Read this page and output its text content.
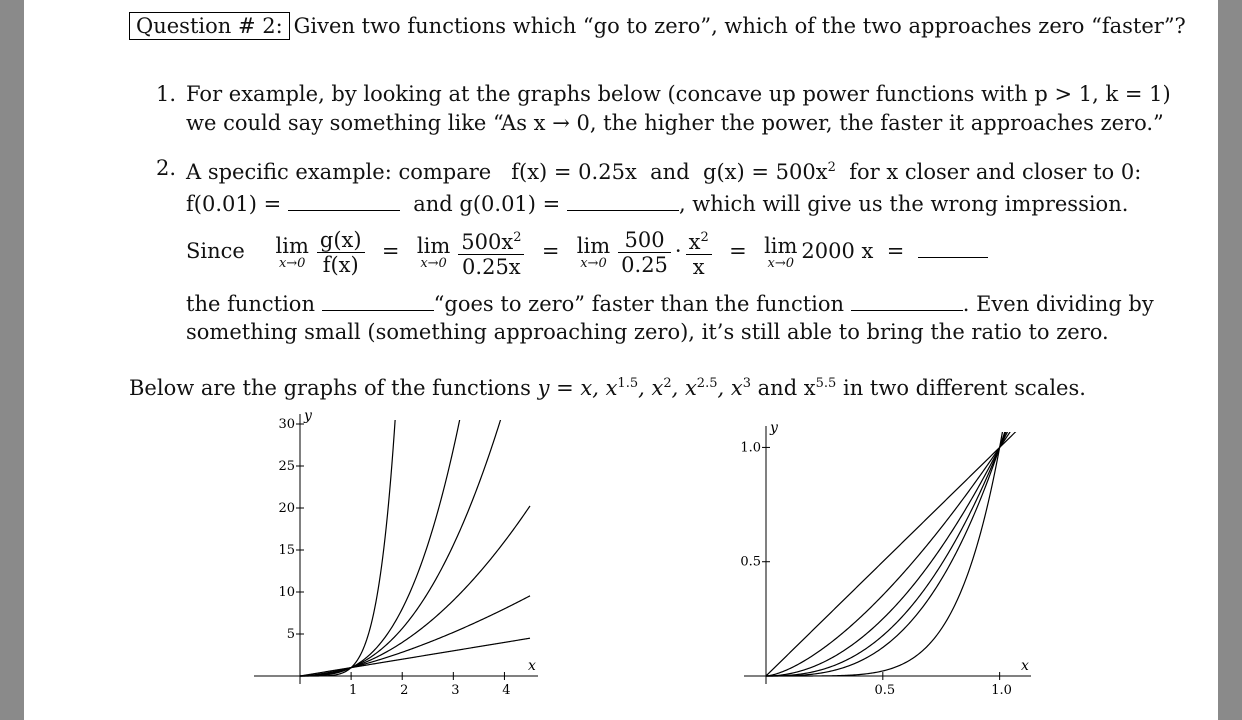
Question # 2: Given two functions which “go to zero”, which of the two approaches zero “faster”?
1. For example, by looking at the graphs below (concave up power functions with p > 1, k = 1)
we could say something like “As x → 0, the higher the power, the faster it approaches zero.”
2. A specific example: compare f(x) = 0.25x and $g(x) = 500x^2$ for x closer and closer to 0:
f(0.01) =	and g(0.01) =	, which will give us the wrong impression.
Since lim
$x\to 0 \frac{g(x)}{f(x)} = \lim$
$x\to 0 \frac{500x^2}{0.25x} = \lim$
$x\to 0 \frac{500}{0.25} \cdot \frac{x^2}{x} = \lim$
x→0
2000 x =
the function	“goes to zero” faster than the function	. Even dividing by
something small (something approaching zero), it’s still able to bring the ratio to zero.
Below are the graphs of the functions y = x, $x^{1.5}$, $x^2$, $x^{2.5}$, $x^3$ and $x^{5.5}$ in two different scales.
1	2	3	4
5
10
15
20
25
30
x
y
0.5	1.0
0.5
1.0
x
y
